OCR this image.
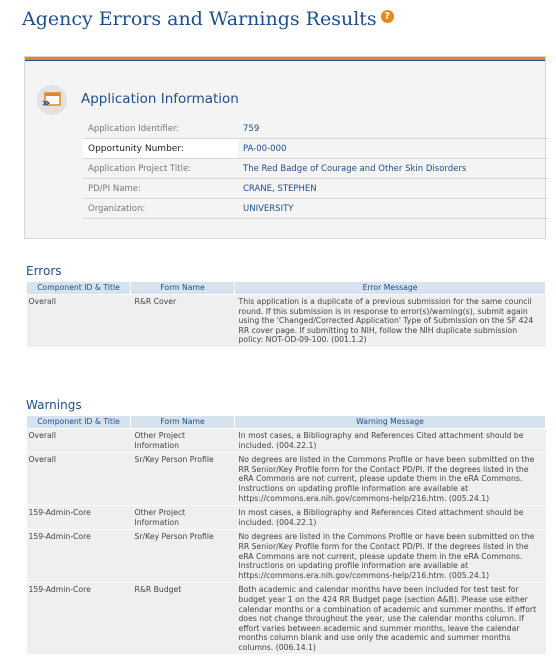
Agency Errors and Warnings Results ?
Application Information
Application Identifier:	759
Opportunity Number:	PA-00-000
Application Project Title:	The Red Badge of Courage and Other Skin Disorders
PD/PI Name:	CRANE, STEPHEN
Organization:	UNIVERSITY
Errors
Component ID & Title	Form Name	Error Message
Overall	R&R Cover	This application is a duplicate of a previous submission for the same council round. If this submission is in response to error(s)/warning(s), submit again using the 'Changed/Corrected Application' Type of Submission on the SF 424 RR cover page. If submitting to NIH, follow the NIH duplicate submission policy: NOT-OD-09-100. (001.1.2)
Warnings
Component ID & Title	Form Name	Warning Message
Overall	Other Project Information	In most cases, a Bibliography and References Cited attachment should be included. (004.22.1)
Overall	Sr/Key Person Profile	No degrees are listed in the Commons Profile or have been submitted on the RR Senior/Key Profile form for the Contact PD/PI. If the degrees listed in the eRA Commons are not current, please update them in the eRA Commons. Instructions on updating profile information are available at https://commons.era.nih.gov/commons-help/216.htm. (005.24.1)
159-Admin-Core	Other Project Information	In most cases, a Bibliography and References Cited attachment should be included. (004.22.1)
159-Admin-Core	Sr/Key Person Profile	No degrees are listed in the Commons Profile or have been submitted on the RR Senior/Key Profile form for the Contact PD/PI. If the degrees listed in the eRA Commons are not current, please update them in the eRA Commons. Instructions on updating profile information are available at https://commons.era.nih.gov/commons-help/216.htm. (005.24.1)
159-Admin-Core	R&R Budget	Both academic and calendar months have been included for test test for budget year 1 on the 424 RR Budget page (section A&B). Please use either calendar months or a combination of academic and summer months. If effort does not change throughout the year, use the calendar months column. If effort varies between academic and summer months, leave the calendar months column blank and use only the academic and summer months columns. (006.14.1)
